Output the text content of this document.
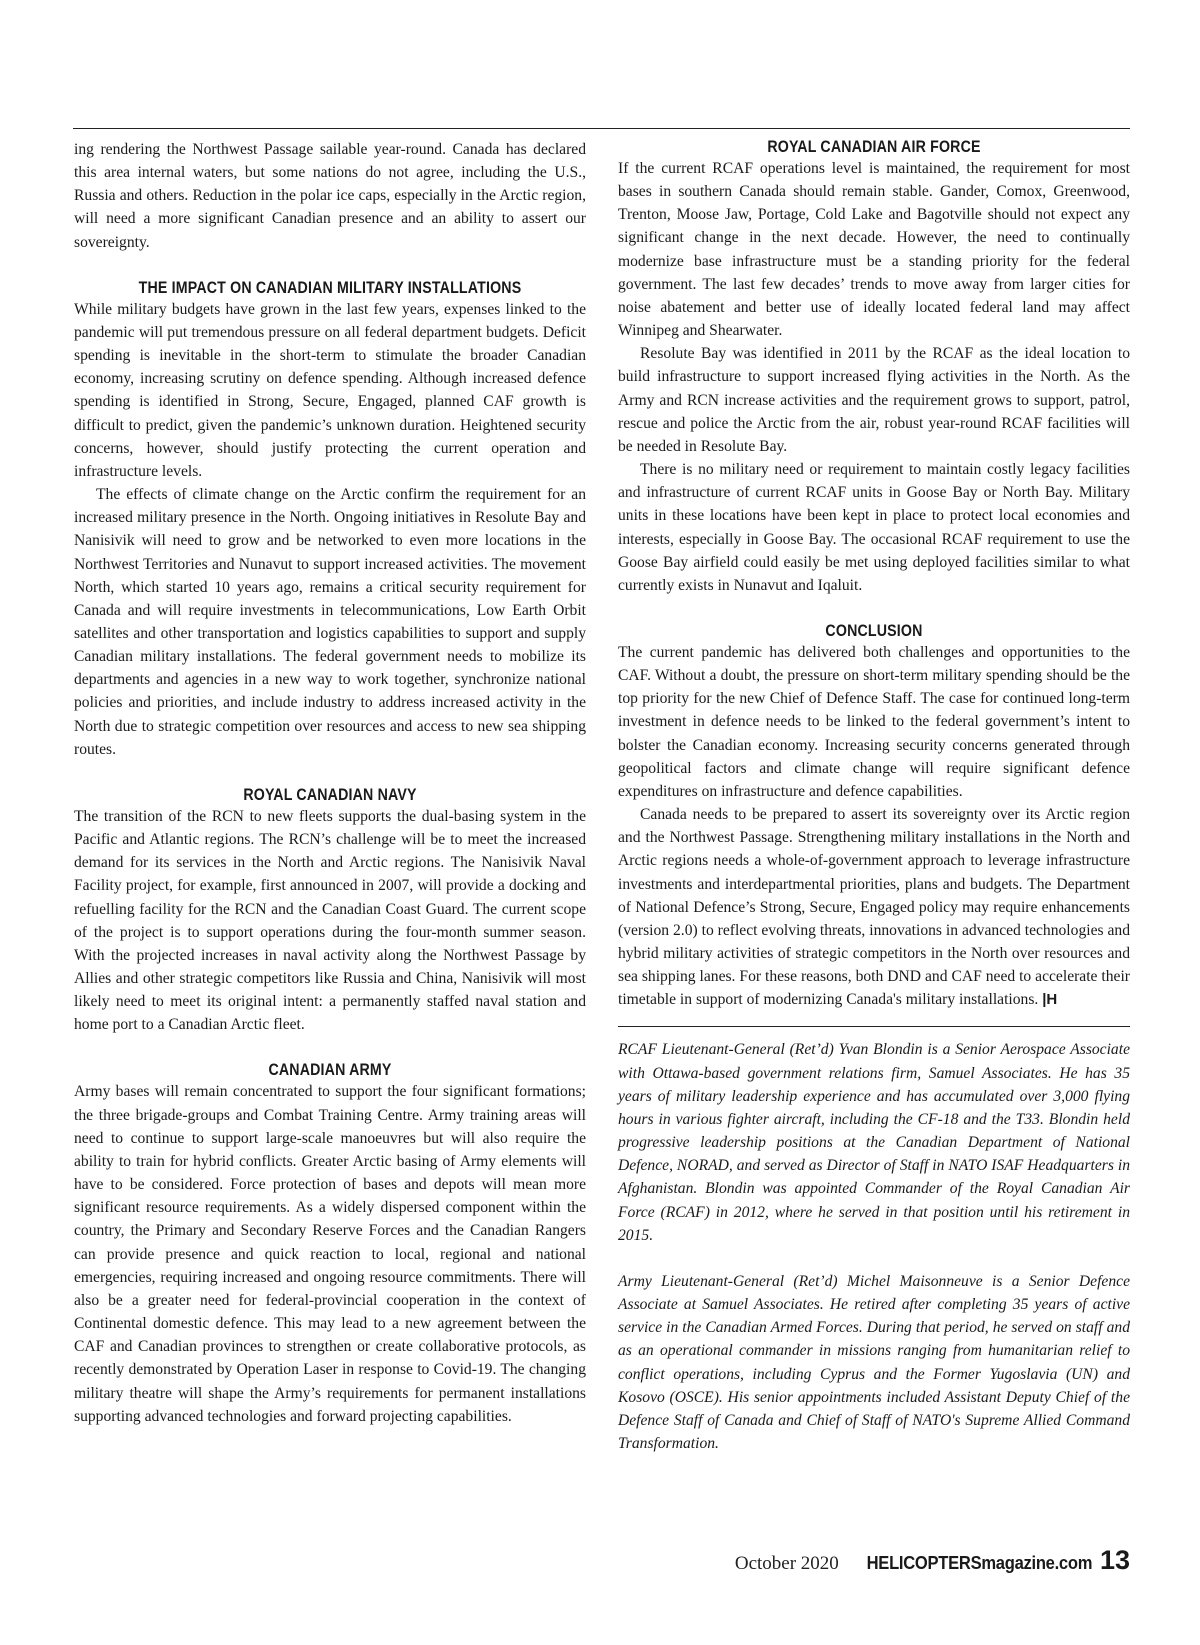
ing rendering the Northwest Passage sailable year-round. Canada has declared this area internal waters, but some nations do not agree, including the U.S., Russia and others. Reduction in the polar ice caps, especially in the Arctic region, will need a more significant Canadian presence and an ability to assert our sovereignty.

THE IMPACT ON CANADIAN MILITARY INSTALLATIONS

While military budgets have grown in the last few years, expenses linked to the pandemic will put tremendous pressure on all federal department budgets. Deficit spending is inevitable in the short-term to stimulate the broader Canadian economy, increasing scrutiny on defence spending. Although increased defence spending is identified in Strong, Secure, Engaged, planned CAF growth is difficult to predict, given the pandemic’s unknown duration. Heightened security concerns, however, should justify protecting the current operation and infrastructure levels.

The effects of climate change on the Arctic confirm the requirement for an increased military presence in the North. Ongoing initiatives in Resolute Bay and Nanisivik will need to grow and be networked to even more locations in the Northwest Territories and Nunavut to support increased activities. The movement North, which started 10 years ago, remains a critical security requirement for Canada and will require investments in telecommunications, Low Earth Orbit satellites and other transportation and logistics capabilities to support and supply Canadian military installations. The federal government needs to mobilize its departments and agencies in a new way to work together, synchronize national policies and priorities, and include industry to address increased activity in the North due to strategic competition over resources and access to new sea shipping routes.

ROYAL CANADIAN NAVY

The transition of the RCN to new fleets supports the dual-basing system in the Pacific and Atlantic regions. The RCN’s challenge will be to meet the increased demand for its services in the North and Arctic regions. The Nanisivik Naval Facility project, for example, first announced in 2007, will provide a docking and refuelling facility for the RCN and the Canadian Coast Guard. The current scope of the project is to support operations during the four-month summer season. With the projected increases in naval activity along the Northwest Passage by Allies and other strategic competitors like Russia and China, Nanisivik will most likely need to meet its original intent: a permanently staffed naval station and home port to a Canadian Arctic fleet.

CANADIAN ARMY

Army bases will remain concentrated to support the four significant formations; the three brigade-groups and Combat Training Centre. Army training areas will need to continue to support large-scale manoeuvres but will also require the ability to train for hybrid conflicts. Greater Arctic basing of Army elements will have to be considered. Force protection of bases and depots will mean more significant resource requirements. As a widely dispersed component within the country, the Primary and Secondary Reserve Forces and the Canadian Rangers can provide presence and quick reaction to local, regional and national emergencies, requiring increased and ongoing resource commitments. There will also be a greater need for federal-provincial cooperation in the context of Continental domestic defence. This may lead to a new agreement between the CAF and Canadian provinces to strengthen or create collaborative protocols, as recently demonstrated by Operation Laser in response to Covid-19. The changing military theatre will shape the Army’s requirements for permanent installations supporting advanced technologies and forward projecting capabilities.

ROYAL CANADIAN AIR FORCE

If the current RCAF operations level is maintained, the requirement for most bases in southern Canada should remain stable. Gander, Comox, Greenwood, Trenton, Moose Jaw, Portage, Cold Lake and Bagotville should not expect any significant change in the next decade. However, the need to continually modernize base infrastructure must be a standing priority for the federal government. The last few decades’ trends to move away from larger cities for noise abatement and better use of ideally located federal land may affect Winnipeg and Shearwater.

Resolute Bay was identified in 2011 by the RCAF as the ideal location to build infrastructure to support increased flying activities in the North. As the Army and RCN increase activities and the requirement grows to support, patrol, rescue and police the Arctic from the air, robust year-round RCAF facilities will be needed in Resolute Bay.

There is no military need or requirement to maintain costly legacy facilities and infrastructure of current RCAF units in Goose Bay or North Bay. Military units in these locations have been kept in place to protect local economies and interests, especially in Goose Bay. The occasional RCAF requirement to use the Goose Bay airfield could easily be met using deployed facilities similar to what currently exists in Nunavut and Iqaluit.

CONCLUSION

The current pandemic has delivered both challenges and opportunities to the CAF. Without a doubt, the pressure on short-term military spending should be the top priority for the new Chief of Defence Staff. The case for continued long-term investment in defence needs to be linked to the federal government’s intent to bolster the Canadian economy. Increasing security concerns generated through geopolitical factors and climate change will require significant defence expenditures on infrastructure and defence capabilities.

Canada needs to be prepared to assert its sovereignty over its Arctic region and the Northwest Passage. Strengthening military installations in the North and Arctic regions needs a whole-of-government approach to leverage infrastructure investments and interdepartmental priorities, plans and budgets. The Department of National Defence’s Strong, Secure, Engaged policy may require enhancements (version 2.0) to reflect evolving threats, innovations in advanced technologies and hybrid military activities of strategic competitors in the North over resources and sea shipping lanes. For these reasons, both DND and CAF need to accelerate their timetable in support of modernizing Canada's military installations. |H

RCAF Lieutenant-General (Ret’d) Yvan Blondin is a Senior Aerospace Associate with Ottawa-based government relations firm, Samuel Associates. He has 35 years of military leadership experience and has accumulated over 3,000 flying hours in various fighter aircraft, including the CF-18 and the T33. Blondin held progressive leadership positions at the Canadian Department of National Defence, NORAD, and served as Director of Staff in NATO ISAF Headquarters in Afghanistan. Blondin was appointed Commander of the Royal Canadian Air Force (RCAF) in 2012, where he served in that position until his retirement in 2015.

Army Lieutenant-General (Ret’d) Michel Maisonneuve is a Senior Defence Associate at Samuel Associates. He retired after completing 35 years of active service in the Canadian Armed Forces. During that period, he served on staff and as an operational commander in missions ranging from humanitarian relief to conflict operations, including Cyprus and the Former Yugoslavia (UN) and Kosovo (OSCE). His senior appointments included Assistant Deputy Chief of the Defence Staff of Canada and Chief of Staff of NATO's Supreme Allied Command Transformation.

October 2020 HELICOPTERSmagazine.com 13
